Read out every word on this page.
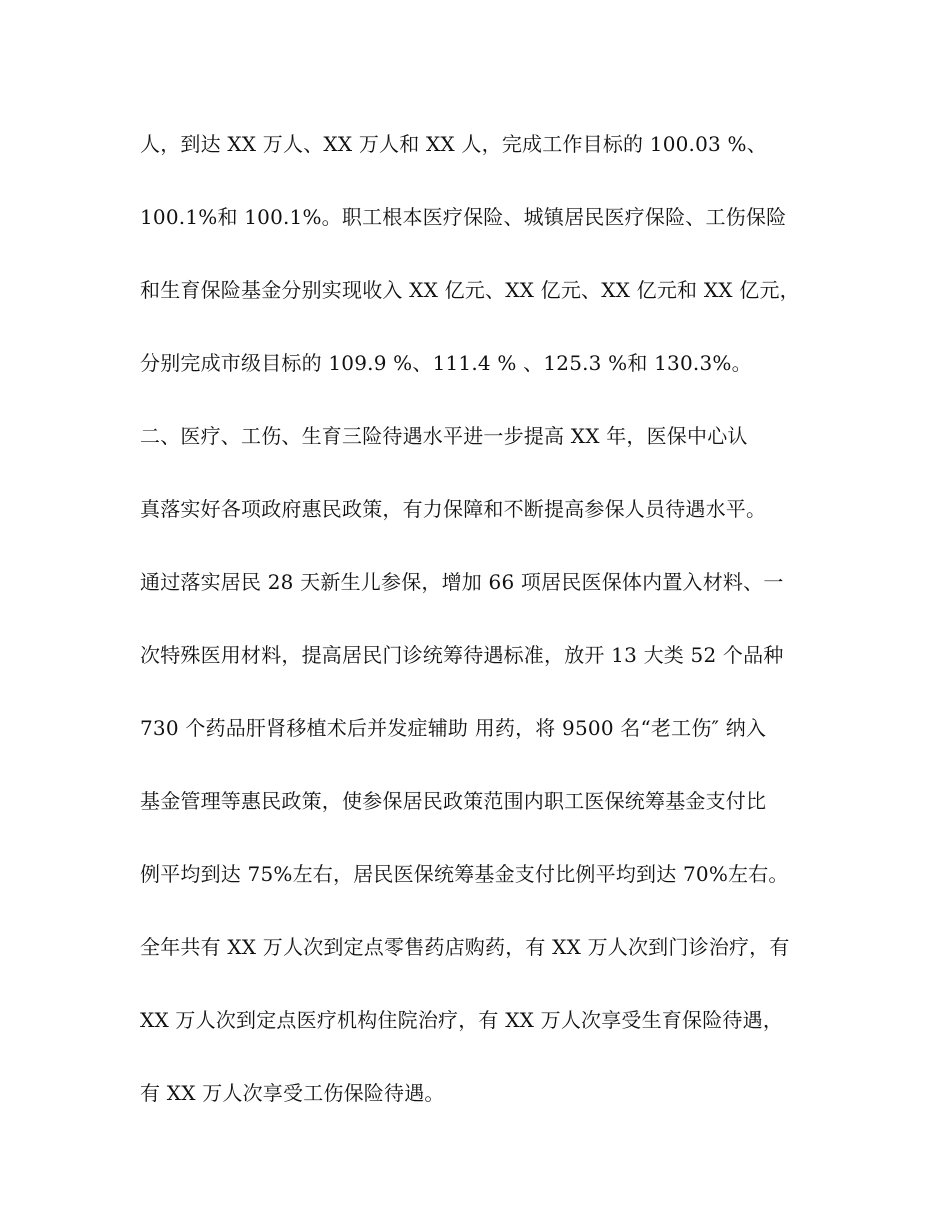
人，到达 XX 万人、XX 万人和 XX 人，完成工作目标的 100.03 %、

100.1%和 100.1%。职工根本医疗保险、城镇居民医疗保险、工伤保险

和生育保险基金分别实现收入 XX 亿元、XX 亿元、XX 亿元和 XX 亿元，

分别完成市级目标的 109.9 %、111.4 % 、125.3 %和 130.3%。

二、医疗、工伤、生育三险待遇水平进一步提高 XX 年，医保中心认

真落实好各项政府惠民政策，有力保障和不断提高参保人员待遇水平。

通过落实居民 28 天新生儿参保，增加 66 项居民医保体内置入材料、一

次特殊医用材料，提高居民门诊统筹待遇标准，放开 13 大类 52 个品种

730 个药品肝肾移植术后并发症辅助 用药，将 9500 名“老工伤″ 纳入

基金管理等惠民政策，使参保居民政策范围内职工医保统筹基金支付比

例平均到达 75%左右，居民医保统筹基金支付比例平均到达 70%左右。

全年共有 XX 万人次到定点零售药店购药，有 XX 万人次到门诊治疗，有

XX 万人次到定点医疗机构住院治疗，有 XX 万人次享受生育保险待遇，

有 XX 万人次享受工伤保险待遇。
